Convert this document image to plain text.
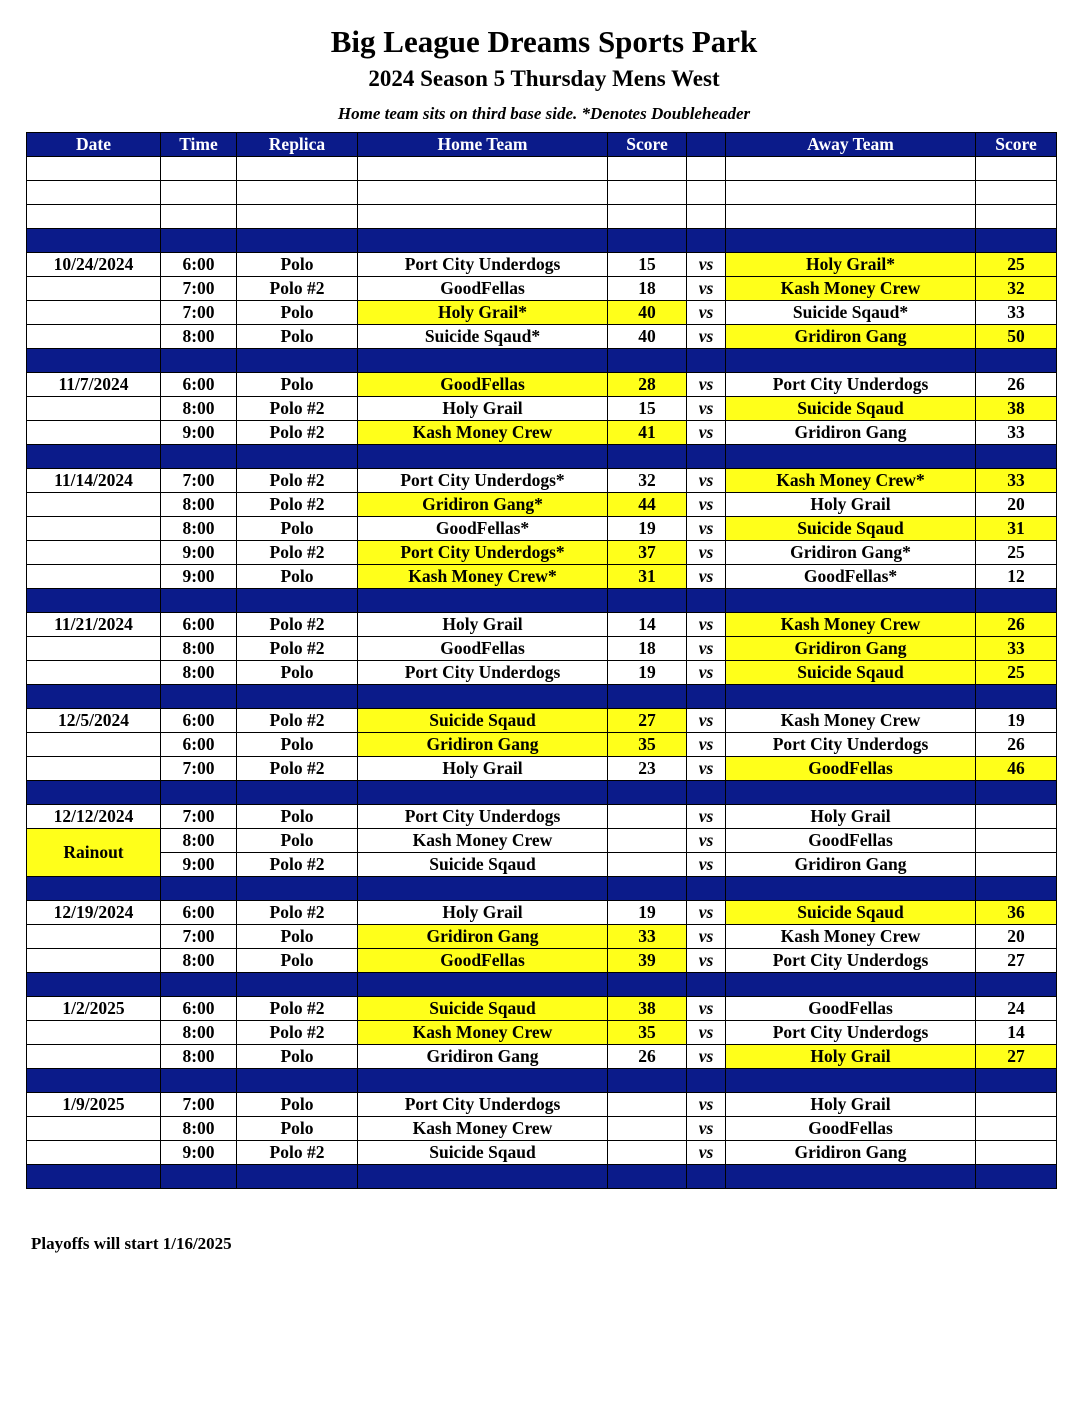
Big League Dreams Sports Park
2024 Season 5 Thursday Mens West
Home team sits on third base side. *Denotes Doubleheader
Date	Time	Replica	Home Team	Score		Away Team	Score

10/24/2024	6:00	Polo	Port City Underdogs	15	vs	Holy Grail*	25
	7:00	Polo #2	GoodFellas	18	vs	Kash Money Crew	32
	7:00	Polo	Holy Grail*	40	vs	Suicide Sqaud*	33
	8:00	Polo	Suicide Sqaud*	40	vs	Gridiron Gang	50

11/7/2024	6:00	Polo	GoodFellas	28	vs	Port City Underdogs	26
	8:00	Polo #2	Holy Grail	15	vs	Suicide Sqaud	38
	9:00	Polo #2	Kash Money Crew	41	vs	Gridiron Gang	33

11/14/2024	7:00	Polo #2	Port City Underdogs*	32	vs	Kash Money Crew*	33
	8:00	Polo #2	Gridiron Gang*	44	vs	Holy Grail	20
	8:00	Polo	GoodFellas*	19	vs	Suicide Sqaud	31
	9:00	Polo #2	Port City Underdogs*	37	vs	Gridiron Gang*	25
	9:00	Polo	Kash Money Crew*	31	vs	GoodFellas*	12

11/21/2024	6:00	Polo #2	Holy Grail	14	vs	Kash Money Crew	26
	8:00	Polo #2	GoodFellas	18	vs	Gridiron Gang	33
	8:00	Polo	Port City Underdogs	19	vs	Suicide Sqaud	25

12/5/2024	6:00	Polo #2	Suicide Sqaud	27	vs	Kash Money Crew	19
	6:00	Polo	Gridiron Gang	35	vs	Port City Underdogs	26
	7:00	Polo #2	Holy Grail	23	vs	GoodFellas	46

12/12/2024	7:00	Polo	Port City Underdogs		vs	Holy Grail	
Rainout	8:00	Polo	Kash Money Crew		vs	GoodFellas	
	9:00	Polo #2	Suicide Sqaud		vs	Gridiron Gang	

12/19/2024	6:00	Polo #2	Holy Grail	19	vs	Suicide Sqaud	36
	7:00	Polo	Gridiron Gang	33	vs	Kash Money Crew	20
	8:00	Polo	GoodFellas	39	vs	Port City Underdogs	27

1/2/2025	6:00	Polo #2	Suicide Sqaud	38	vs	GoodFellas	24
	8:00	Polo #2	Kash Money Crew	35	vs	Port City Underdogs	14
	8:00	Polo	Gridiron Gang	26	vs	Holy Grail	27

1/9/2025	7:00	Polo	Port City Underdogs		vs	Holy Grail	
	8:00	Polo	Kash Money Crew		vs	GoodFellas	
	9:00	Polo #2	Suicide Sqaud		vs	Gridiron Gang	

Playoffs will start 1/16/2025
